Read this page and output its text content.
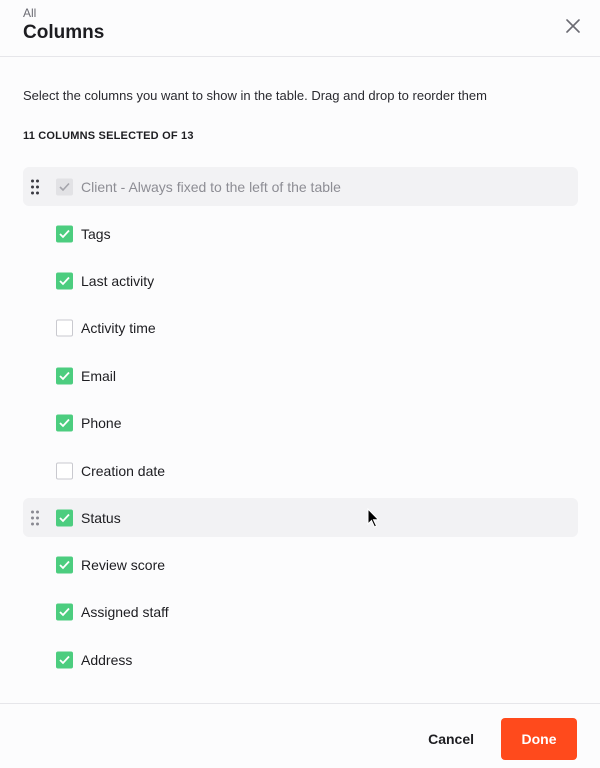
All
Columns
Select the columns you want to show in the table. Drag and drop to reorder them
11 COLUMNS SELECTED OF 13
Client - Always fixed to the left of the table
Tags
Last activity
Activity time
Email
Phone
Creation date
Status
Review score
Assigned staff
Address
Cancel	Done
